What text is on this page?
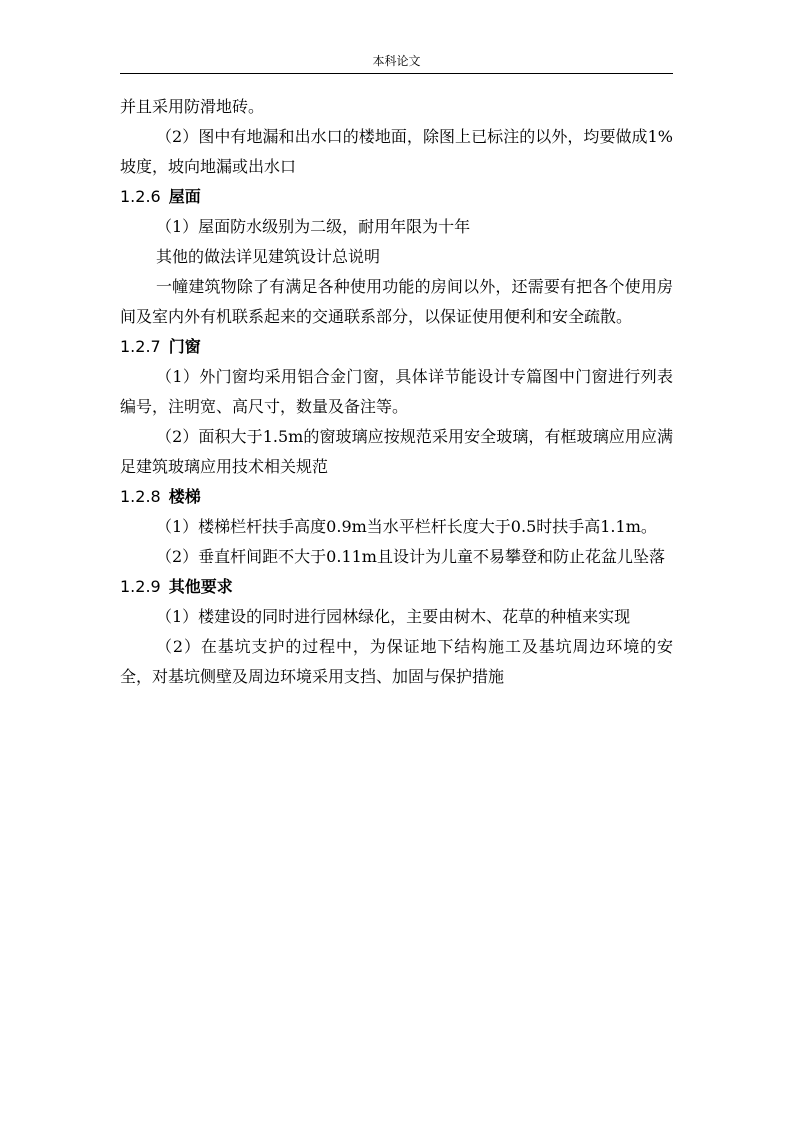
本科论文

并且采用防滑地砖。

（2）图中有地漏和出水口的楼地面，除图上已标注的以外，均要做成1%坡度，坡向地漏或出水口

1.2.6 屋面

（1）屋面防水级别为二级，耐用年限为十年

其他的做法详见建筑设计总说明

一幢建筑物除了有满足各种使用功能的房间以外，还需要有把各个使用房间及室内外有机联系起来的交通联系部分，以保证使用便利和安全疏散。

1.2.7 门窗

（1）外门窗均采用铝合金门窗，具体详节能设计专篇图中门窗进行列表编号，注明宽、高尺寸，数量及备注等。

（2）面积大于1.5m的窗玻璃应按规范采用安全玻璃，有框玻璃应用应满足建筑玻璃应用技术相关规范

1.2.8 楼梯

（1）楼梯栏杆扶手高度0.9m当水平栏杆长度大于0.5时扶手高1.1m。

（2）垂直杆间距不大于0.11m且设计为儿童不易攀登和防止花盆儿坠落

1.2.9 其他要求

（1）楼建设的同时进行园林绿化，主要由树木、花草的种植来实现

（2）在基坑支护的过程中，为保证地下结构施工及基坑周边环境的安全，对基坑侧壁及周边环境采用支挡、加固与保护措施
